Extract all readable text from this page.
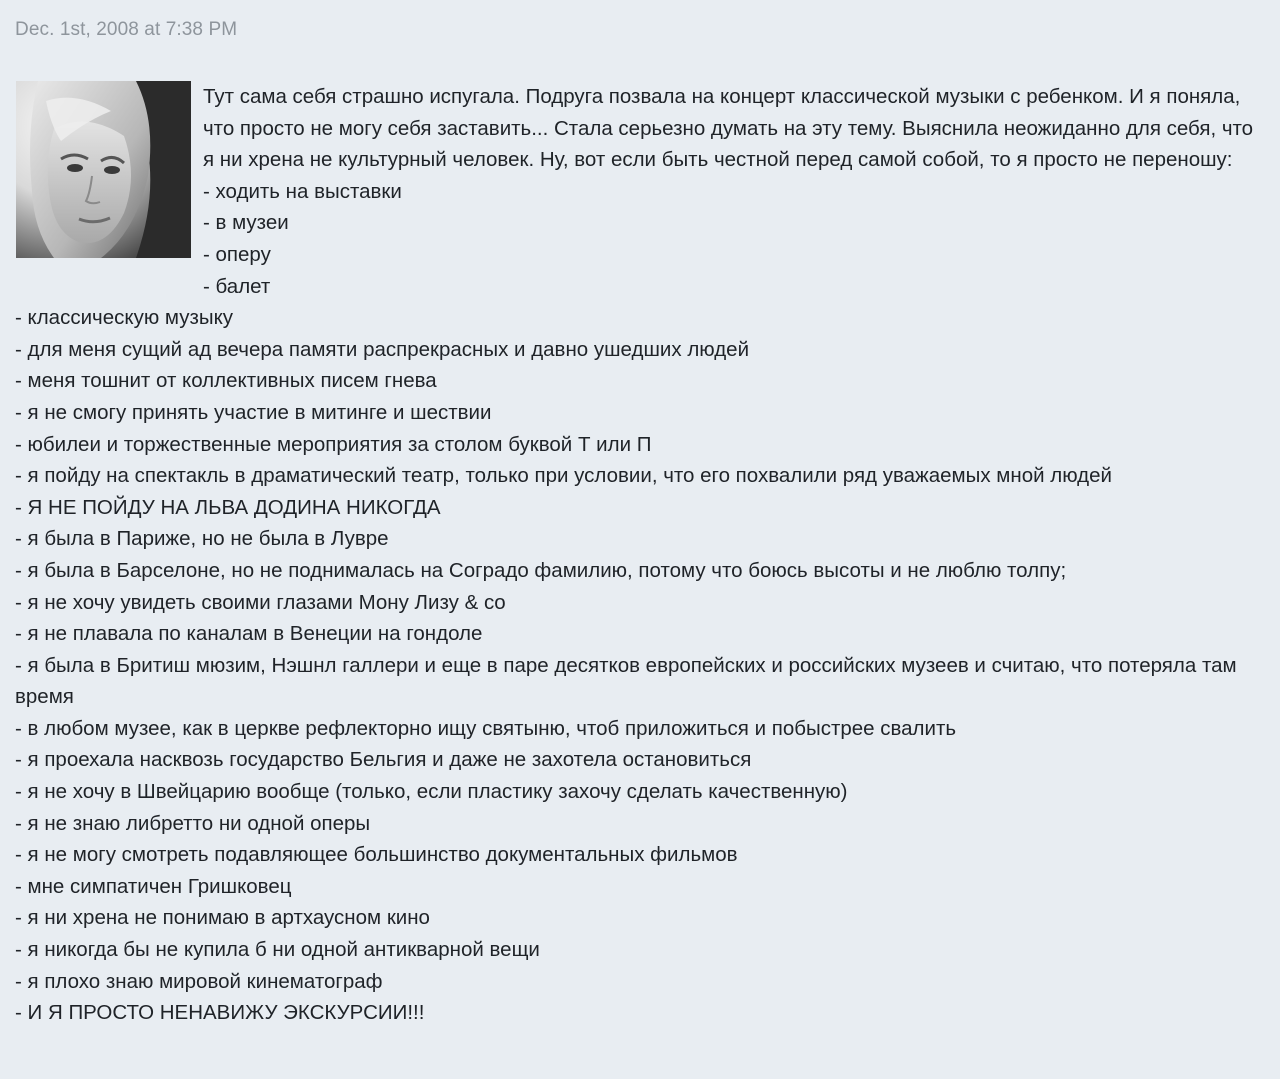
Dec. 1st, 2008 at 7:38 PM

Тут сама себя страшно испугала. Подруга позвала на концерт классической музыки с ребенком. И я поняла, что просто не могу себя заставить... Стала серьезно думать на эту тему. Выяснила неожиданно для себя, что я ни хрена не культурный человек. Ну, вот если быть честной перед самой собой, то я просто не переношу:

- ходить на выставки
- в музеи
- оперу
- балет
- классическую музыку
- для меня сущий ад вечера памяти распрекрасных и давно ушедших людей
- меня тошнит от коллективных писем гнева
- я не смогу принять участие в митинге и шествии
- юбилеи и торжественные мероприятия за столом буквой Т или П
- я пойду на спектакль в драматический театр, только при условии, что его похвалили ряд уважаемых мной людей
- Я НЕ ПОЙДУ НА ЛЬВА ДОДИНА НИКОГДА
- я была в Париже, но не была в Лувре
- я была в Барселоне, но не поднималась на Соградо фамилию, потому что боюсь высоты и не люблю толпу;
- я не хочу увидеть своими глазами Мону Лизу & co
- я не плавала по каналам в Венеции на гондоле
- я была в Бритиш мюзим, Нэшнл галлери и еще в паре десятков европейских и российских музеев и считаю, что потеряла там время
- в любом музее, как в церкве рефлекторно ищу святыню, чтоб приложиться и побыстрее свалить
- я проехала насквозь государство Бельгия и даже не захотела остановиться
- я не хочу в Швейцарию вообще (только, если пластику захочу сделать качественную)
- я не знаю либретто ни одной оперы
- я не могу смотреть подавляющее большинство документальных фильмов
- мне симпатичен Гришковец
- я ни хрена не понимаю в артхаусном кино
- я никогда бы не купила б ни одной антикварной вещи
- я плохо знаю мировой кинематограф
- И Я ПРОСТО НЕНАВИЖУ ЭКСКУРСИИ!!!
